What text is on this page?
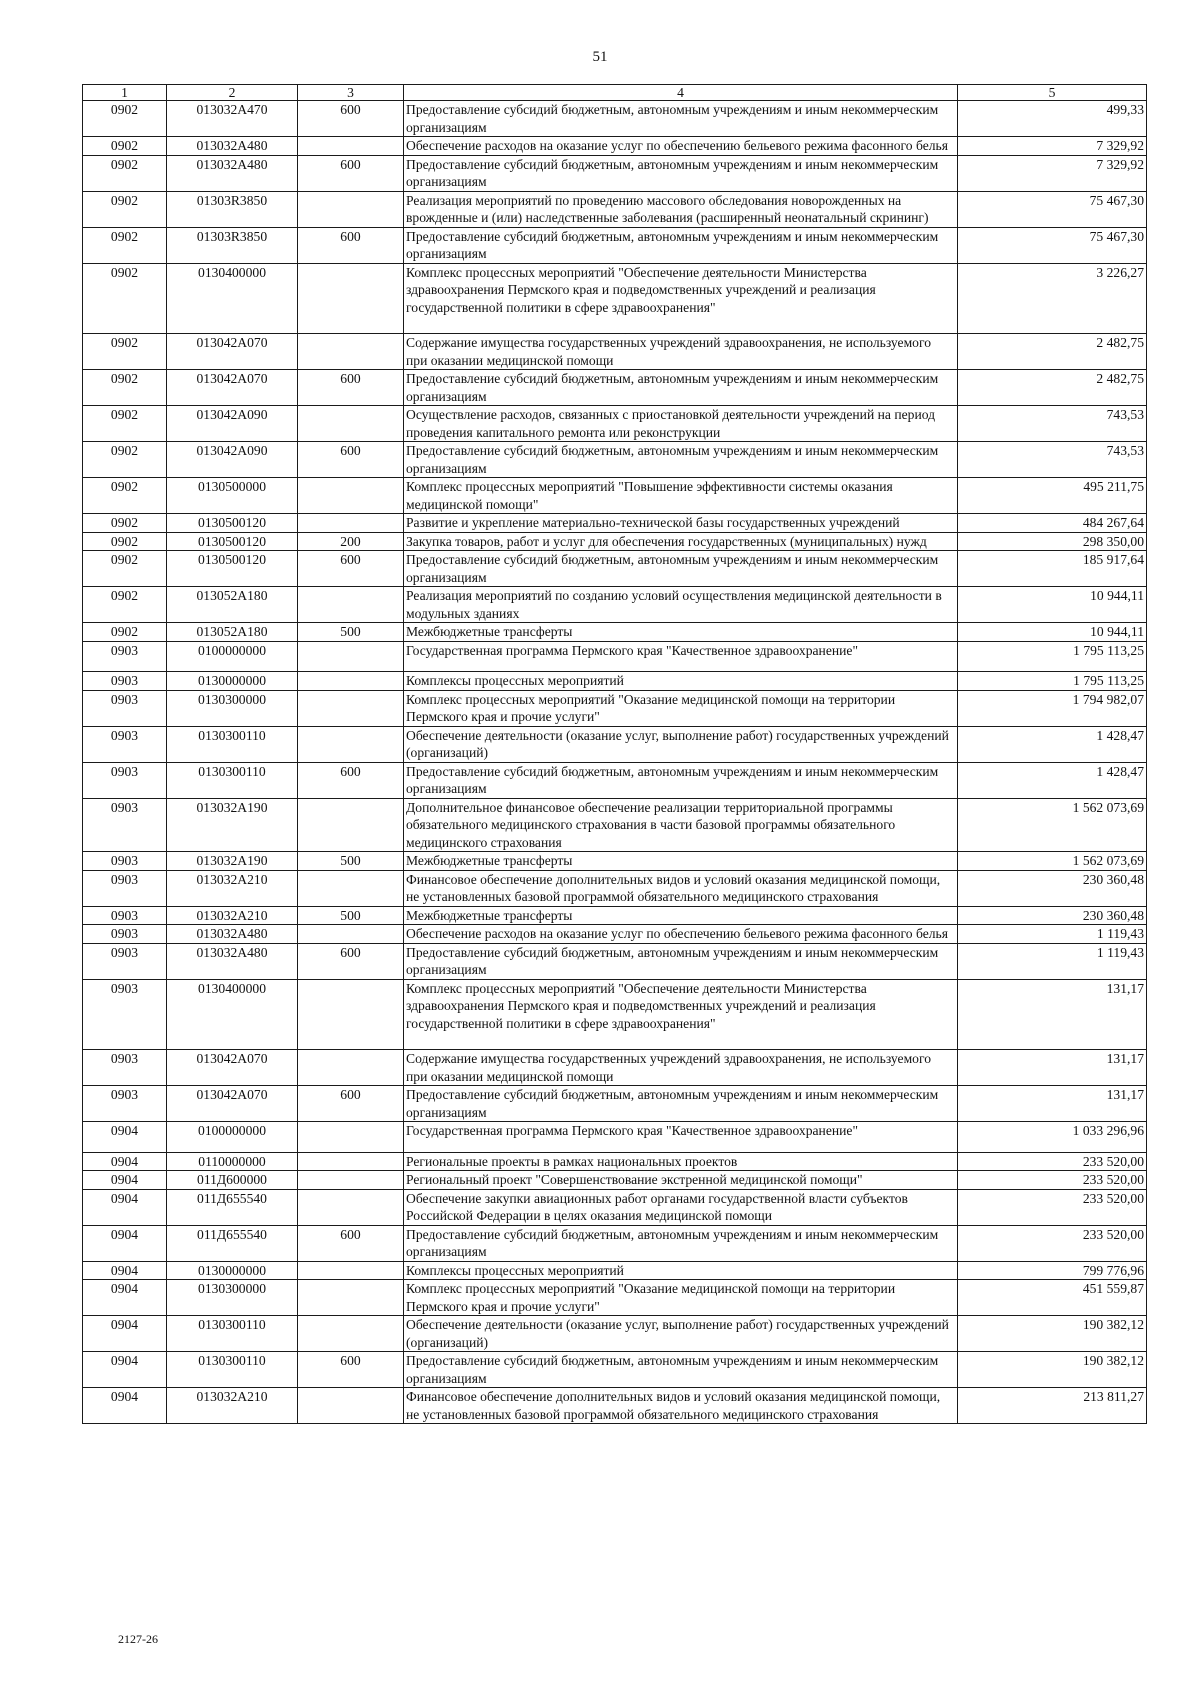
51
1	2	3	4	5
0902	013032А470	600	Предоставление субсидий бюджетным, автономным учреждениям и иным некоммерческим организациям	499,33
0902	013032А480		Обеспечение расходов на оказание услуг по обеспечению бельевого режима фасонного белья	7 329,92
0902	013032А480	600	Предоставление субсидий бюджетным, автономным учреждениям и иным некоммерческим организациям	7 329,92
0902	01303R3850		Реализация мероприятий по проведению массового обследования новорожденных на врожденные и (или) наследственные заболевания (расширенный неонатальный скрининг)	75 467,30
0902	01303R3850	600	Предоставление субсидий бюджетным, автономным учреждениям и иным некоммерческим организациям	75 467,30
0902	0130400000		Комплекс процессных мероприятий "Обеспечение деятельности Министерства здравоохранения Пермского края и подведомственных учреждений и реализация государственной политики в сфере здравоохранения"	3 226,27
0902	013042А070		Содержание имущества государственных учреждений здравоохранения, не используемого при оказании медицинской помощи	2 482,75
0902	013042А070	600	Предоставление субсидий бюджетным, автономным учреждениям и иным некоммерческим организациям	2 482,75
0902	013042А090		Осуществление расходов, связанных с приостановкой деятельности учреждений на период проведения капитального ремонта или реконструкции	743,53
0902	013042А090	600	Предоставление субсидий бюджетным, автономным учреждениям и иным некоммерческим организациям	743,53
0902	0130500000		Комплекс процессных мероприятий "Повышение эффективности системы оказания медицинской помощи"	495 211,75
0902	0130500120		Развитие и укрепление материально-технической базы государственных учреждений	484 267,64
0902	0130500120	200	Закупка товаров, работ и услуг для обеспечения государственных (муниципальных) нужд	298 350,00
0902	0130500120	600	Предоставление субсидий бюджетным, автономным учреждениям и иным некоммерческим организациям	185 917,64
0902	013052А180		Реализация мероприятий по созданию условий осуществления медицинской деятельности в модульных зданиях	10 944,11
0902	013052А180	500	Межбюджетные трансферты	10 944,11
0903	0100000000		Государственная программа Пермского края "Качественное здравоохранение"	1 795 113,25
0903	0130000000		Комплексы процессных мероприятий	1 795 113,25
0903	0130300000		Комплекс процессных мероприятий "Оказание медицинской помощи на территории Пермского края и прочие услуги"	1 794 982,07
0903	0130300110		Обеспечение деятельности (оказание услуг, выполнение работ) государственных учреждений (организаций)	1 428,47
0903	0130300110	600	Предоставление субсидий бюджетным, автономным учреждениям и иным некоммерческим организациям	1 428,47
0903	013032А190		Дополнительное финансовое обеспечение реализации территориальной программы обязательного медицинского страхования в части базовой программы обязательного медицинского страхования	1 562 073,69
0903	013032А190	500	Межбюджетные трансферты	1 562 073,69
0903	013032А210		Финансовое обеспечение дополнительных видов и условий оказания медицинской помощи, не установленных базовой программой обязательного медицинского страхования	230 360,48
0903	013032А210	500	Межбюджетные трансферты	230 360,48
0903	013032А480		Обеспечение расходов на оказание услуг по обеспечению бельевого режима фасонного белья	1 119,43
0903	013032А480	600	Предоставление субсидий бюджетным, автономным учреждениям и иным некоммерческим организациям	1 119,43
0903	0130400000		Комплекс процессных мероприятий "Обеспечение деятельности Министерства здравоохранения Пермского края и подведомственных учреждений и реализация государственной политики в сфере здравоохранения"	131,17
0903	013042А070		Содержание имущества государственных учреждений здравоохранения, не используемого при оказании медицинской помощи	131,17
0903	013042А070	600	Предоставление субсидий бюджетным, автономным учреждениям и иным некоммерческим организациям	131,17
0904	0100000000		Государственная программа Пермского края "Качественное здравоохранение"	1 033 296,96
0904	0110000000		Региональные проекты в рамках национальных проектов	233 520,00
0904	011Д600000		Региональный проект "Совершенствование экстренной медицинской помощи"	233 520,00
0904	011Д655540		Обеспечение закупки авиационных работ органами государственной власти субъектов Российской Федерации в целях оказания медицинской помощи	233 520,00
0904	011Д655540	600	Предоставление субсидий бюджетным, автономным учреждениям и иным некоммерческим организациям	233 520,00
0904	0130000000		Комплексы процессных мероприятий	799 776,96
0904	0130300000		Комплекс процессных мероприятий "Оказание медицинской помощи на территории Пермского края и прочие услуги"	451 559,87
0904	0130300110		Обеспечение деятельности (оказание услуг, выполнение работ) государственных учреждений (организаций)	190 382,12
0904	0130300110	600	Предоставление субсидий бюджетным, автономным учреждениям и иным некоммерческим организациям	190 382,12
0904	013032А210		Финансовое обеспечение дополнительных видов и условий оказания медицинской помощи, не установленных базовой программой обязательного медицинского страхования	213 811,27
2127-26
